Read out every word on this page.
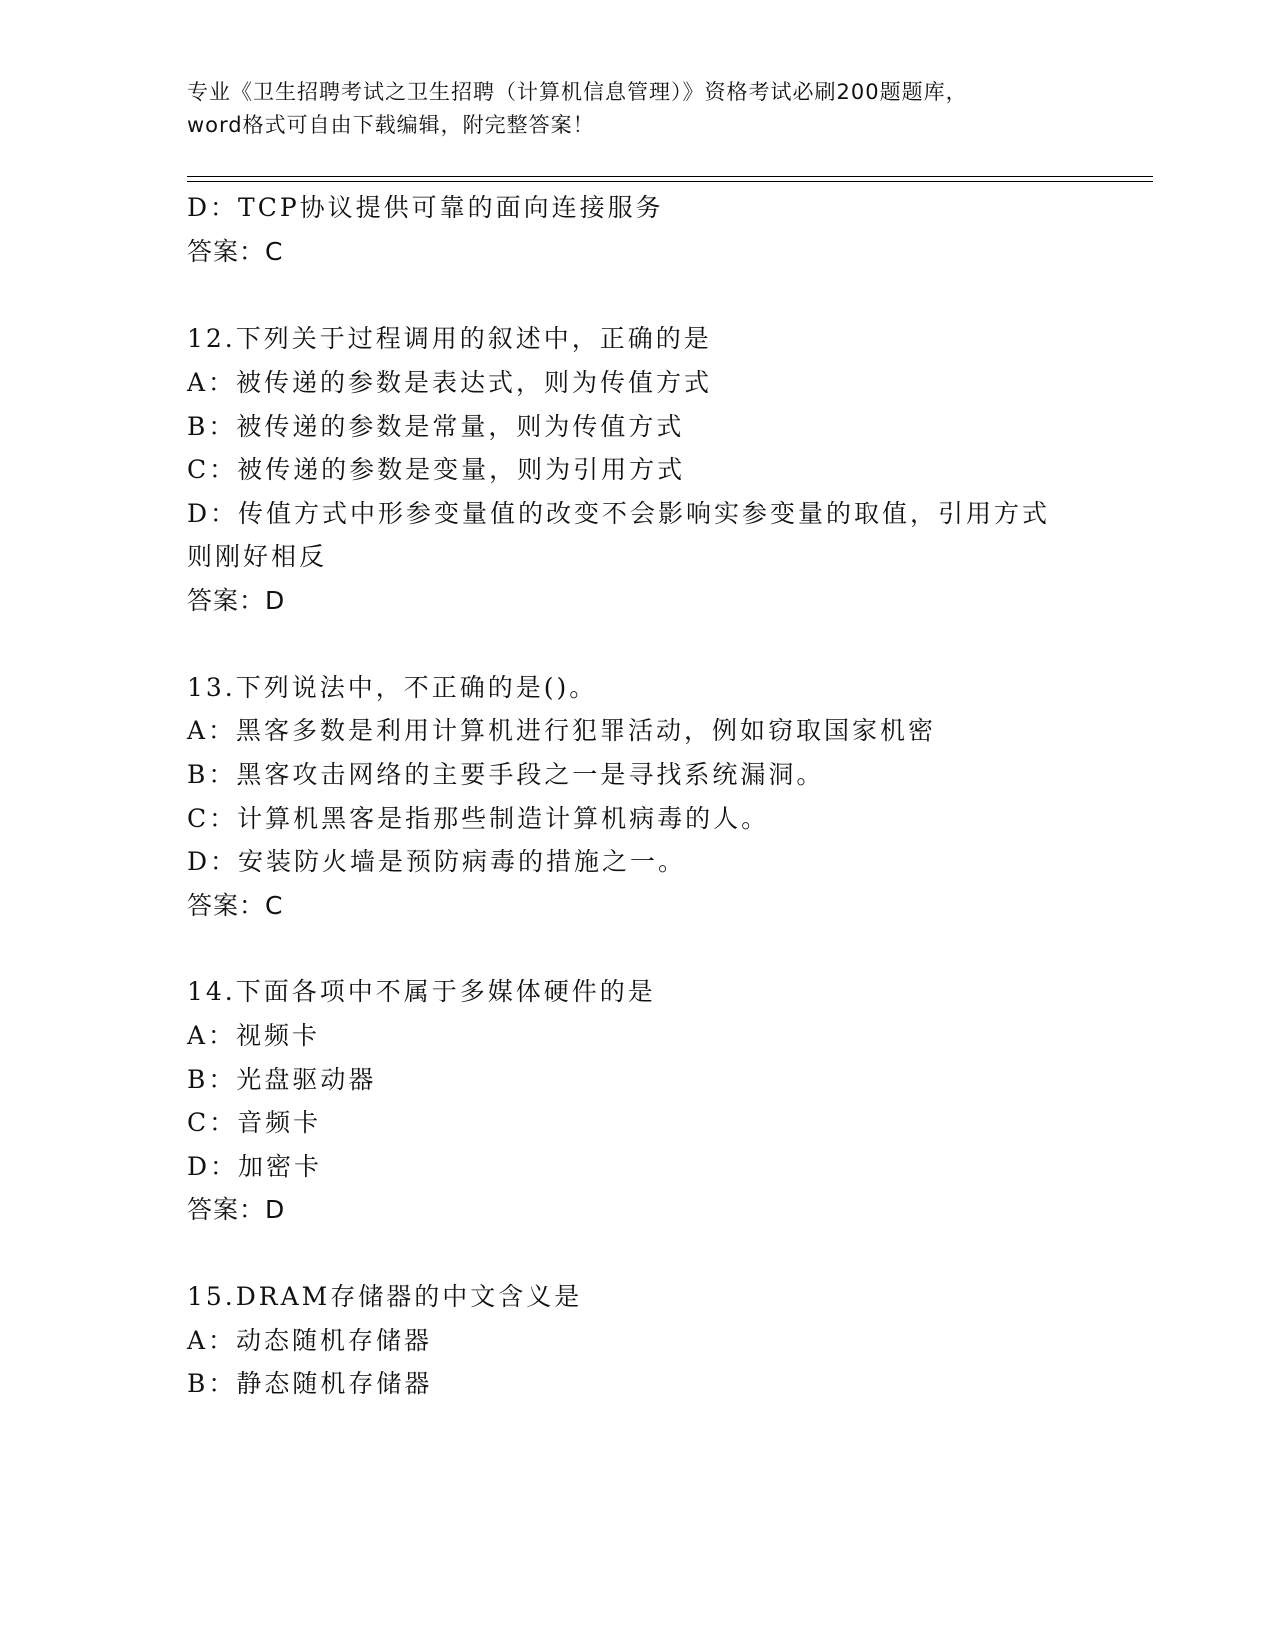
专业《卫生招聘考试之卫生招聘（计算机信息管理）》资格考试必刷200题题库，
word格式可自由下载编辑，附完整答案！
D：TCP协议提供可靠的面向连接服务
答案：C
12.下列关于过程调用的叙述中，正确的是
A：被传递的参数是表达式，则为传值方式
B：被传递的参数是常量，则为传值方式
C：被传递的参数是变量，则为引用方式
D：传值方式中形参变量值的改变不会影响实参变量的取值，引用方式
则刚好相反
答案：D
13.下列说法中，不正确的是()。
A：黑客多数是利用计算机进行犯罪活动，例如窃取国家机密
B：黑客攻击网络的主要手段之一是寻找系统漏洞。
C：计算机黑客是指那些制造计算机病毒的人。
D：安装防火墙是预防病毒的措施之一。
答案：C
14.下面各项中不属于多媒体硬件的是
A：视频卡
B：光盘驱动器
C：音频卡
D：加密卡
答案：D
15.DRAM存储器的中文含义是
A：动态随机存储器
B：静态随机存储器
